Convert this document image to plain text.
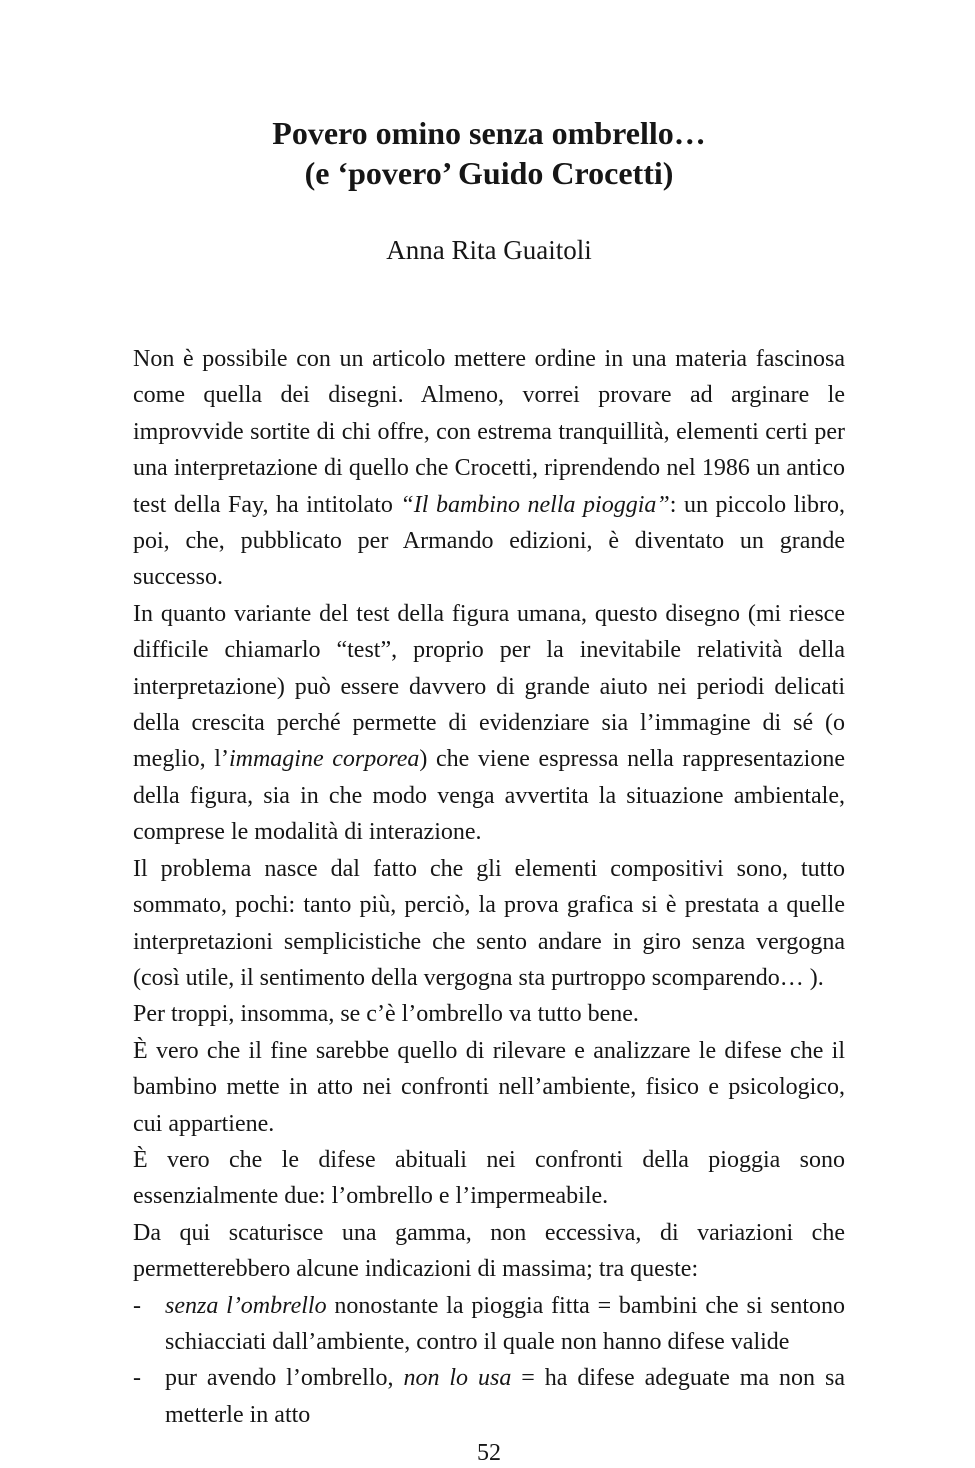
Povero omino senza ombrello…
(e ‘povero’ Guido Crocetti)
Anna Rita Guaitoli

Non è possibile con un articolo mettere ordine in una materia fascinosa come quella dei disegni. Almeno, vorrei provare ad arginare le improvvide sortite di chi offre, con estrema tranquillità, elementi certi per una interpretazione di quello che Crocetti, riprendendo nel 1986 un antico test della Fay, ha intitolato “Il bambino nella pioggia”: un piccolo libro, poi, che, pubblicato per Armando edizioni, è diventato un grande successo.

In quanto variante del test della figura umana, questo disegno (mi riesce difficile chiamarlo “test”, proprio per la inevitabile relatività della interpretazione) può essere davvero di grande aiuto nei periodi delicati della crescita perché permette di evidenziare sia l’immagine di sé (o meglio, l’immagine corporea) che viene espressa nella rappresentazione della figura, sia in che modo venga avvertita la situazione ambientale, comprese le modalità di interazione.

Il problema nasce dal fatto che gli elementi compositivi sono, tutto sommato, pochi: tanto più, perciò, la prova grafica si è prestata a quelle interpretazioni semplicistiche che sento andare in giro senza vergogna (così utile, il sentimento della vergogna sta purtroppo scomparendo… ).

Per troppi, insomma, se c’è l’ombrello va tutto bene.

È vero che il fine sarebbe quello di rilevare e analizzare le difese che il bambino mette in atto nei confronti nell’ambiente, fisico e psicologico, cui appartiene.

È vero che le difese abituali nei confronti della pioggia sono essenzialmente due: l’ombrello e l’impermeabile.

Da qui scaturisce una gamma, non eccessiva, di variazioni che permetterebbero alcune indicazioni di massima; tra queste:

-	senza l’ombrello nonostante la pioggia fitta = bambini che si sentono schiacciati dall’ambiente, contro il quale non hanno difese valide
-	pur avendo l’ombrello, non lo usa = ha difese adeguate ma non sa metterle in atto
52
